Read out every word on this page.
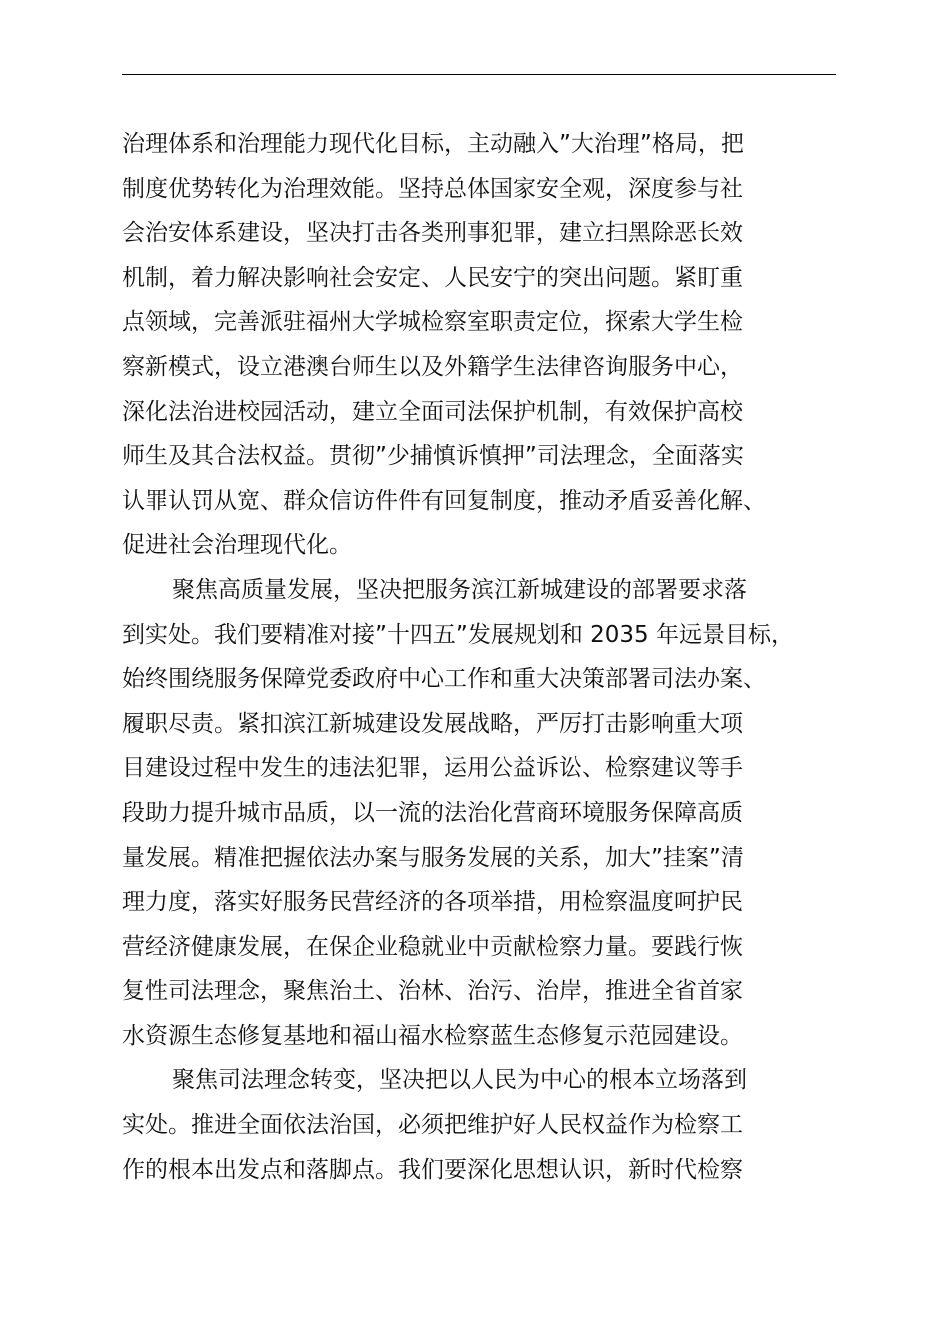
治理体系和治理能力现代化目标，主动融入”大治理”格局，把
制度优势转化为治理效能。坚持总体国家安全观，深度参与社
会治安体系建设，坚决打击各类刑事犯罪，建立扫黑除恶长效
机制，着力解决影响社会安定、人民安宁的突出问题。紧盯重
点领域，完善派驻福州大学城检察室职责定位，探索大学生检
察新模式，设立港澳台师生以及外籍学生法律咨询服务中心，
深化法治进校园活动，建立全面司法保护机制，有效保护高校
师生及其合法权益。贯彻”少捕慎诉慎押”司法理念，全面落实
认罪认罚从宽、群众信访件件有回复制度，推动矛盾妥善化解、
促进社会治理现代化。
聚焦高质量发展，坚决把服务滨江新城建设的部署要求落
到实处。我们要精准对接”十四五”发展规划和 2035 年远景目标，
始终围绕服务保障党委政府中心工作和重大决策部署司法办案、
履职尽责。紧扣滨江新城建设发展战略，严厉打击影响重大项
目建设过程中发生的违法犯罪，运用公益诉讼、检察建议等手
段助力提升城市品质，以一流的法治化营商环境服务保障高质
量发展。精准把握依法办案与服务发展的关系，加大”挂案”清
理力度，落实好服务民营经济的各项举措，用检察温度呵护民
营经济健康发展，在保企业稳就业中贡献检察力量。要践行恢
复性司法理念，聚焦治土、治林、治污、治岸，推进全省首家
水资源生态修复基地和福山福水检察蓝生态修复示范园建设。
聚焦司法理念转变，坚决把以人民为中心的根本立场落到
实处。推进全面依法治国，必须把维护好人民权益作为检察工
作的根本出发点和落脚点。我们要深化思想认识，新时代检察
